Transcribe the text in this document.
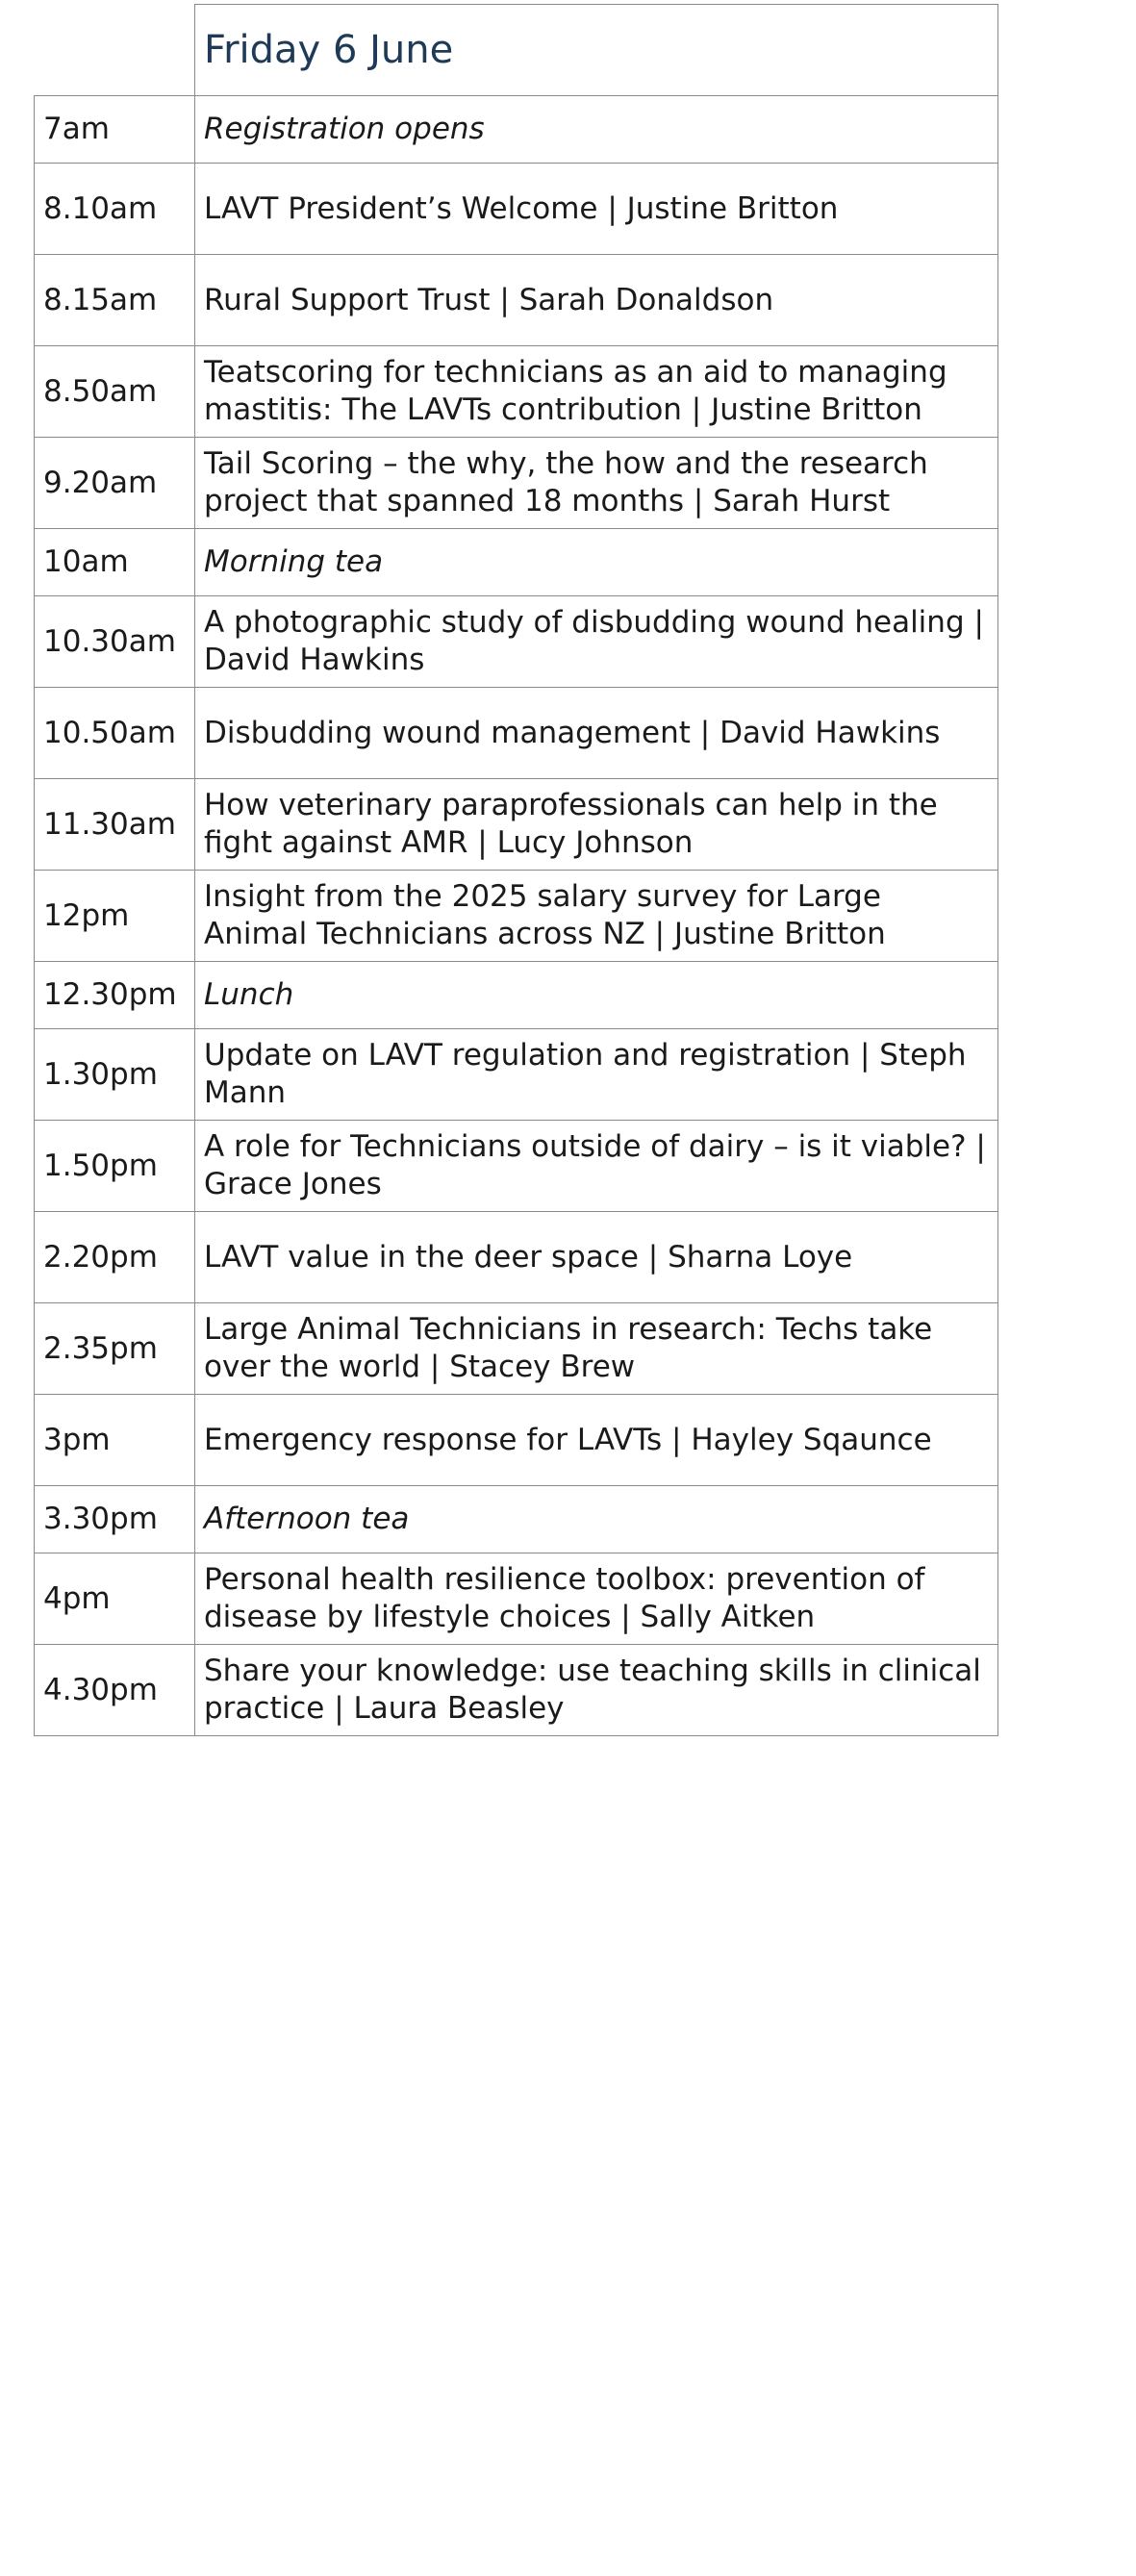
	Friday 6 June
7am	Registration opens
8.10am	LAVT President’s Welcome | Justine Britton
8.15am	Rural Support Trust | Sarah Donaldson
8.50am	Teatscoring for technicians as an aid to managing mastitis: The LAVTs contribution | Justine Britton
9.20am	Tail Scoring – the why, the how and the research project that spanned 18 months | Sarah Hurst
10am	Morning tea
10.30am	A photographic study of disbudding wound healing | David Hawkins
10.50am	Disbudding wound management | David Hawkins
11.30am	How veterinary paraprofessionals can help in the fight against AMR | Lucy Johnson
12pm	Insight from the 2025 salary survey for Large Animal Technicians across NZ | Justine Britton
12.30pm	Lunch
1.30pm	Update on LAVT regulation and registration | Steph Mann
1.50pm	A role for Technicians outside of dairy – is it viable? | Grace Jones
2.20pm	LAVT value in the deer space | Sharna Loye
2.35pm	Large Animal Technicians in research: Techs take over the world | Stacey Brew
3pm	Emergency response for LAVTs | Hayley Sqaunce
3.30pm	Afternoon tea
4pm	Personal health resilience toolbox: prevention of disease by lifestyle choices | Sally Aitken
4.30pm	Share your knowledge: use teaching skills in clinical practice | Laura Beasley
